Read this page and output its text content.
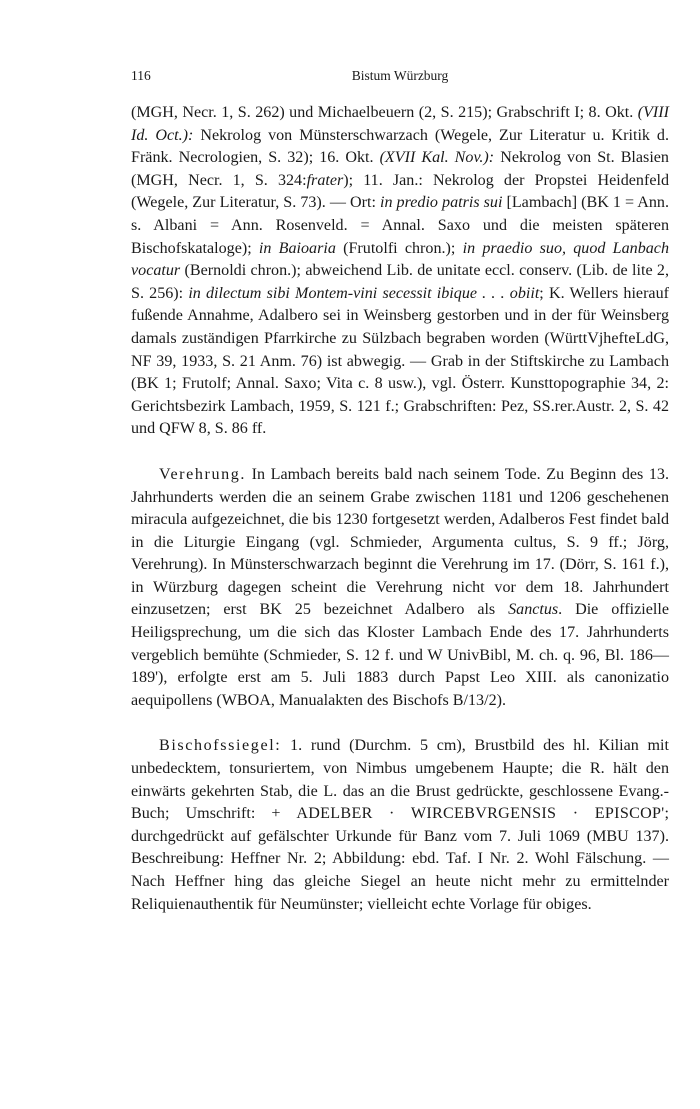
116	Bistum Würzburg

(MGH, Necr. 1, S. 262) und Michaelbeuern (2, S. 215); Grabschrift I; 8. Okt. (VIII Id. Oct.): Nekrolog von Münsterschwarzach (Wegele, Zur Literatur u. Kritik d. Fränk. Necrologien, S. 32); 16. Okt. (XVII Kal. Nov.): Nekrolog von St. Blasien (MGH, Necr. 1, S. 324:frater); 11. Jan.: Nekrolog der Propstei Heidenfeld (Wegele, Zur Literatur, S. 73). — Ort: in predio patris sui [Lambach] (BK 1 = Ann. s. Albani = Ann. Rosenveld. = Annal. Saxo und die meisten späteren Bischofskataloge); in Baioaria (Frutolfi chron.); in praedio suo, quod Lanbach vocatur (Bernoldi chron.); abweichend Lib. de unitate eccl. conserv. (Lib. de lite 2, S. 256): in dilectum sibi Montem-vini secessit ibique . . . obiit; K. Wellers hierauf fußende Annahme, Adalbero sei in Weinsberg gestorben und in der für Weinsberg damals zuständigen Pfarrkirche zu Sülzbach begraben worden (WürttVjhefteLdG, NF 39, 1933, S. 21 Anm. 76) ist abwegig. — Grab in der Stiftskirche zu Lambach (BK 1; Frutolf; Annal. Saxo; Vita c. 8 usw.), vgl. Österr. Kunsttopographie 34, 2: Gerichtsbezirk Lambach, 1959, S. 121 f.; Grabschriften: Pez, SS.rer.Austr. 2, S. 42 und QFW 8, S. 86 ff.

Verehrung. In Lambach bereits bald nach seinem Tode. Zu Beginn des 13. Jahrhunderts werden die an seinem Grabe zwischen 1181 und 1206 geschehenen miracula aufgezeichnet, die bis 1230 fortgesetzt werden, Adalberos Fest findet bald in die Liturgie Eingang (vgl. Schmieder, Argumenta cultus, S. 9 ff.; Jörg, Verehrung). In Münsterschwarzach beginnt die Verehrung im 17. (Dörr, S. 161 f.), in Würzburg dagegen scheint die Verehrung nicht vor dem 18. Jahrhundert einzusetzen; erst BK 25 bezeichnet Adalbero als Sanctus. Die offizielle Heiligsprechung, um die sich das Kloster Lambach Ende des 17. Jahrhunderts vergeblich bemühte (Schmieder, S. 12 f. und W UnivBibl, M. ch. q. 96, Bl. 186—189'), erfolgte erst am 5. Juli 1883 durch Papst Leo XIII. als canonizatio aequipollens (WBOA, Manualakten des Bischofs B/13/2).

Bischofssiegel: 1. rund (Durchm. 5 cm), Brustbild des hl. Kilian mit unbedecktem, tonsuriertem, von Nimbus umgebenem Haupte; die R. hält den einwärts gekehrten Stab, die L. das an die Brust gedrückte, geschlossene Evang.-Buch; Umschrift: + ADELBER · WIRCEBVRGENSIS · EPISCOP'; durchgedrückt auf gefälschter Urkunde für Banz vom 7. Juli 1069 (MBU 137). Beschreibung: Heffner Nr. 2; Abbildung: ebd. Taf. I Nr. 2. Wohl Fälschung. — Nach Heffner hing das gleiche Siegel an heute nicht mehr zu ermittelnder Reliquienauthentik für Neumünster; vielleicht echte Vorlage für obiges.
